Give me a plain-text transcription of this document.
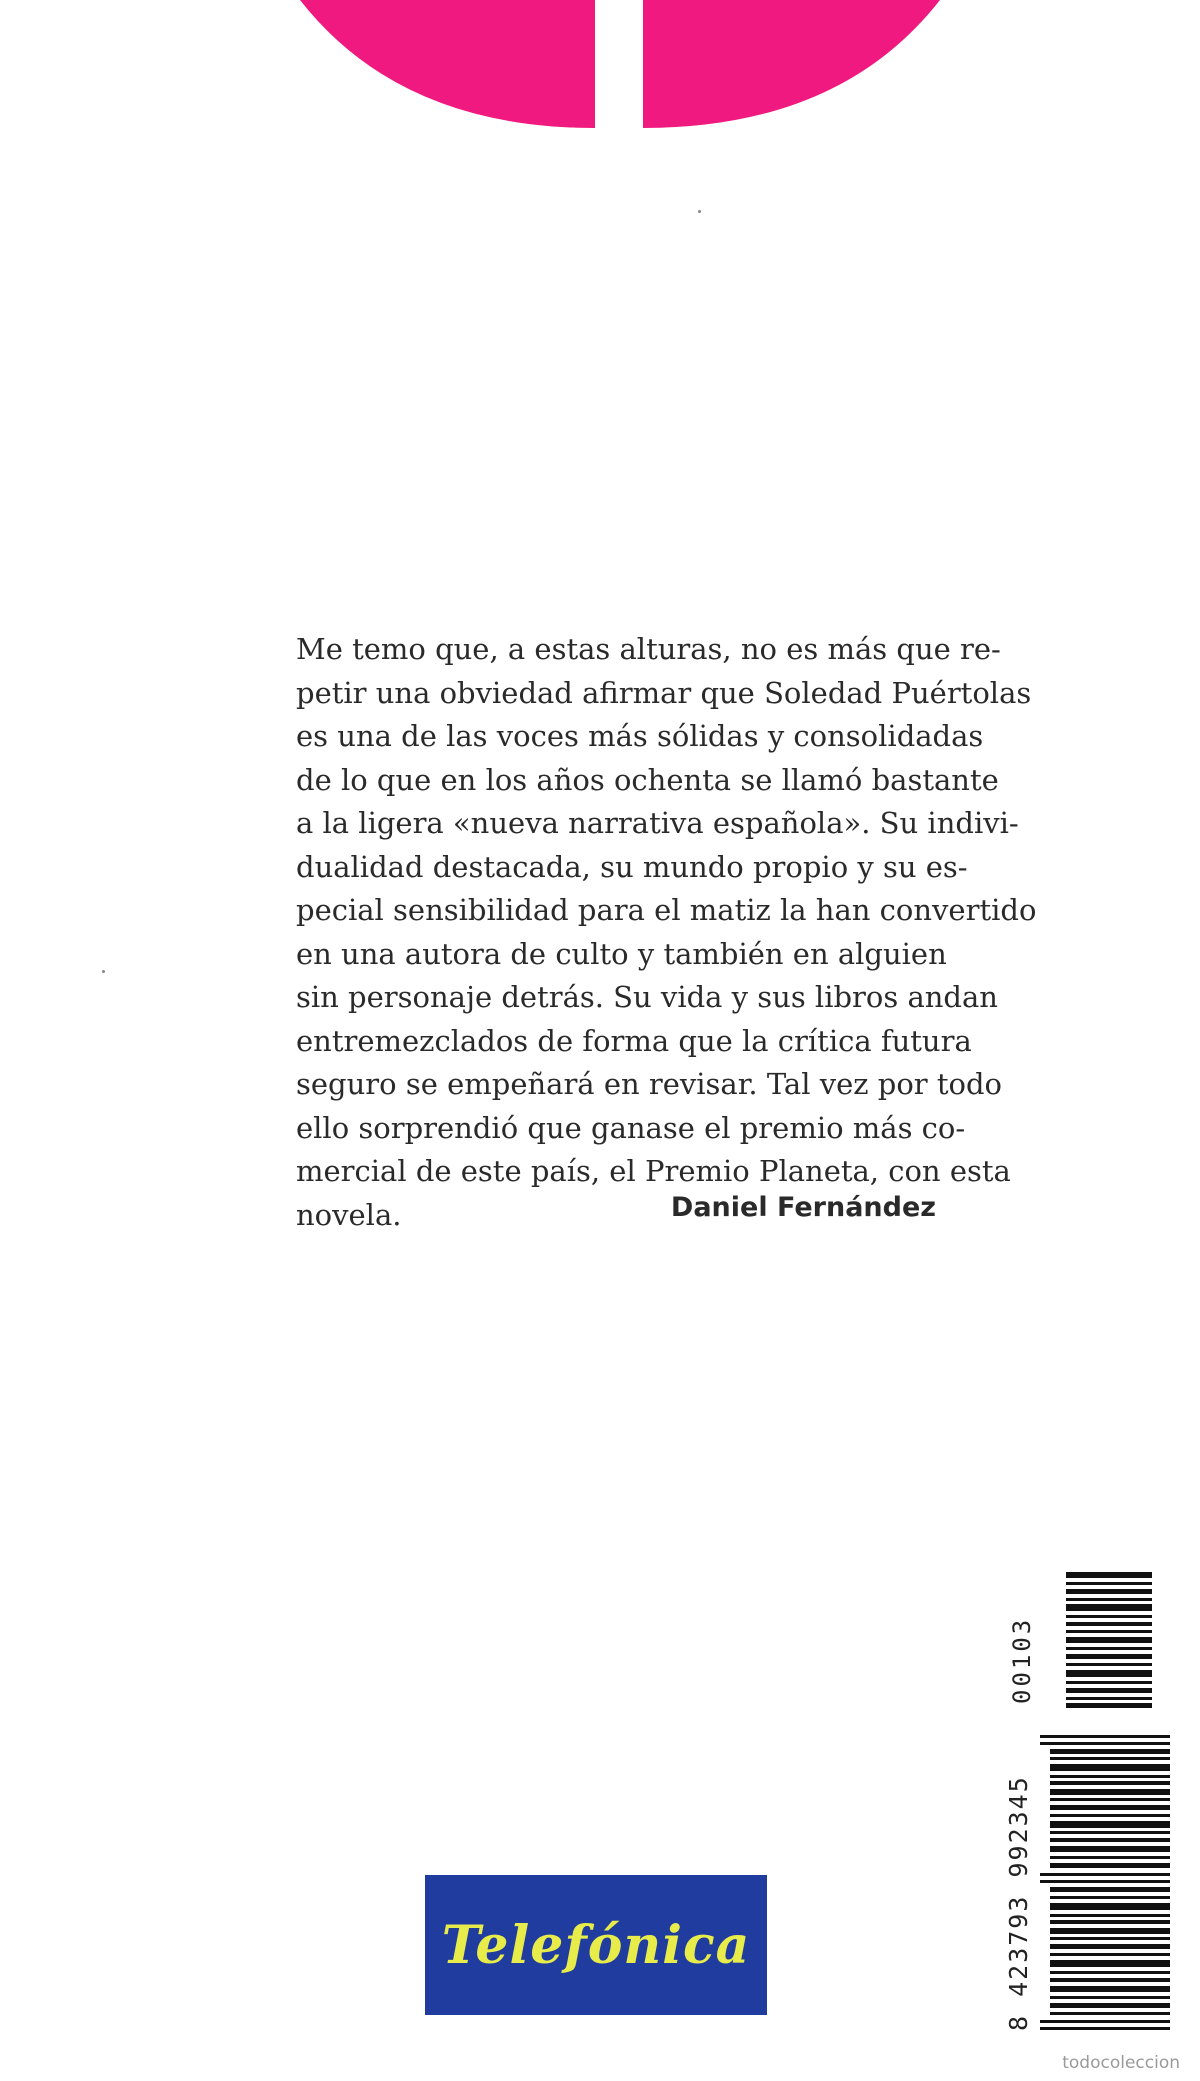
Me temo que, a estas alturas, no es más que re-
petir una obviedad afirmar que Soledad Puértolas
es una de las voces más sólidas y consolidadas
de lo que en los años ochenta se llamó bastante
a la ligera «nueva narrativa española». Su indivi-
dualidad destacada, su mundo propio y su es-
pecial sensibilidad para el matiz la han convertido
en una autora de culto y también en alguien
sin personaje detrás. Su vida y sus libros andan
entremezclados de forma que la crítica futura
seguro se empeñará en revisar. Tal vez por todo
ello sorprendió que ganase el premio más co-
mercial de este país, el Premio Planeta, con esta
novela.	Daniel Fernández
00103
8 423793 992345
Telefónica
todocoleccion
